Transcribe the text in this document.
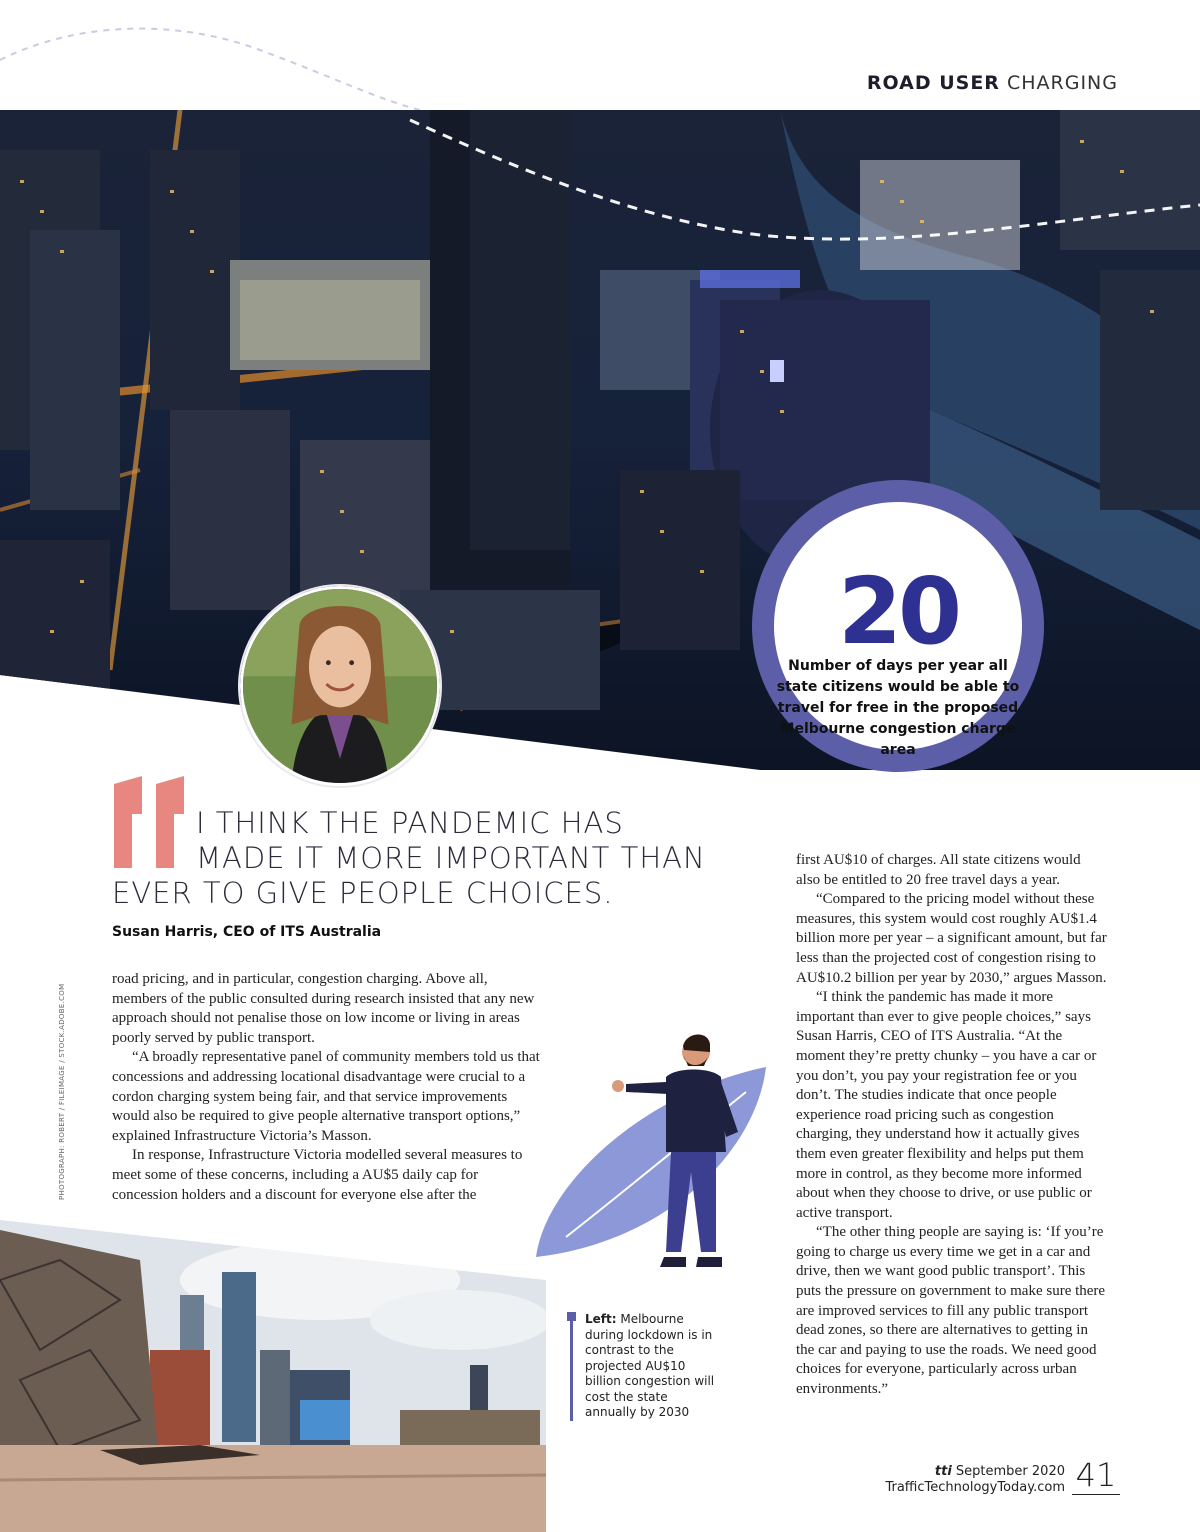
ROAD USER CHARGING
20
Number of days per year all state citizens would be able to travel for free in the proposed Melbourne congestion charge area
I THINK THE PANDEMIC HAS
MADE IT MORE IMPORTANT THAN
EVER TO GIVE PEOPLE CHOICES.
Susan Harris, CEO of ITS Australia

road pricing, and in particular, congestion charging. Above all, members of the public consulted during research insisted that any new approach should not penalise those on low income or living in areas poorly served by public transport.

“A broadly representative panel of community members told us that concessions and addressing locational disadvantage were crucial to a cordon charging system being fair, and that service improvements would also be required to give people alternative transport options,” explained Infrastructure Victoria’s Masson.

In response, Infrastructure Victoria modelled several measures to meet some of these concerns, including a AU$5 daily cap for concession holders and a discount for everyone else after the

first AU$10 of charges. All state citizens would also be entitled to 20 free travel days a year.

“Compared to the pricing model without these measures, this system would cost roughly AU$1.4 billion more per year – a significant amount, but far less than the projected cost of congestion rising to AU$10.2 billion per year by 2030,” argues Masson.

“I think the pandemic has made it more important than ever to give people choices,” says Susan Harris, CEO of ITS Australia. “At the moment they’re pretty chunky – you have a car or you don’t, you pay your registration fee or you don’t. The studies indicate that once people experience road pricing such as congestion charging, they understand how it actually gives them even greater flexibility and helps put them more in control, as they become more informed about when they choose to drive, or use public or active transport.

“The other thing people are saying is: ‘If you’re going to charge us every time we get in a car and drive, then we want good public transport’. This puts the pressure on government to make sure there are improved services to fill any public transport dead zones, so there are alternatives to getting in the car and paying to use the roads. We need good choices for everyone, particularly across urban environments.”

PHOTOGRAPH: ROBERT / FILEIMAGE / STOCK.ADOBE.COM
Left: Melbourne during lockdown is in contrast to the projected AU$10 billion congestion will cost the state annually by 2030
tti September 2020
TrafficTechnologyToday.com 41
